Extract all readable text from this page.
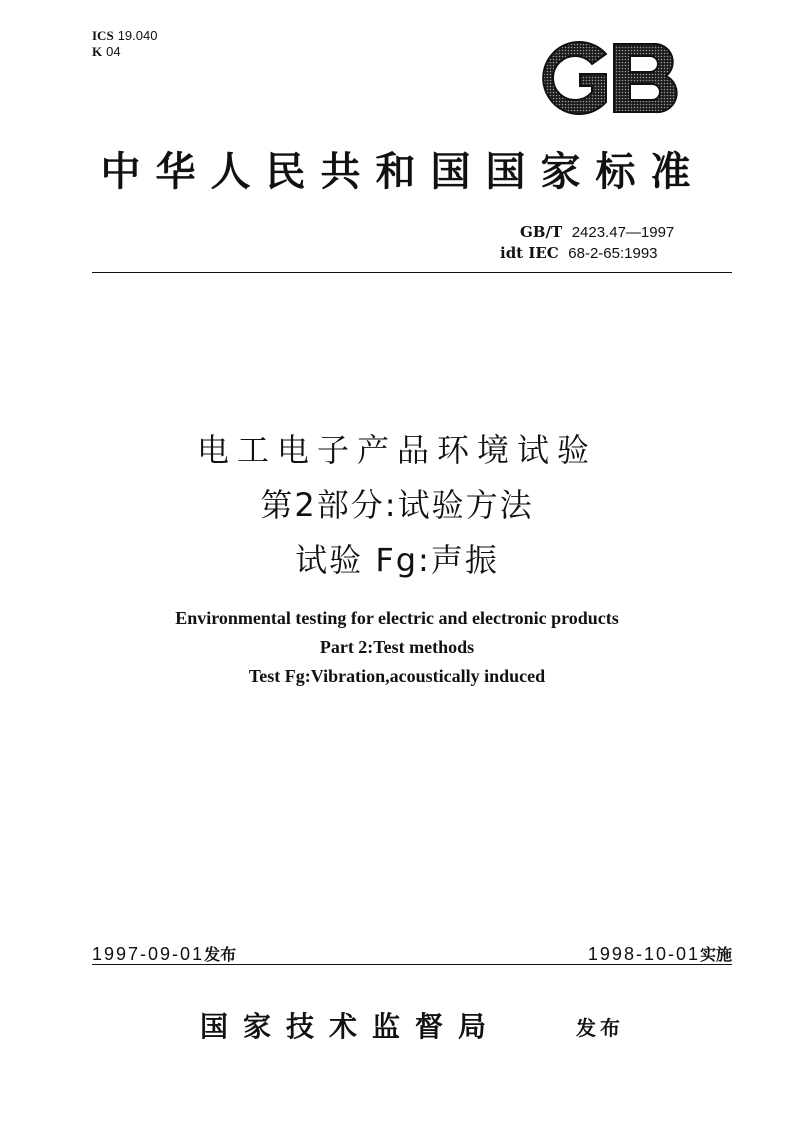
ICS 19.040
K 04
中华人民共和国国家标准
GB/T 2423.47—1997
idt IEC 68-2-65:1993
电工电子产品环境试验
第2部分:试验方法
试验 Fg:声振
Environmental testing for electric and electronic products
Part 2:Test methods
Test Fg:Vibration,acoustically induced
1997-09-01发布	1998-10-01实施
国家技术监督局	发布
